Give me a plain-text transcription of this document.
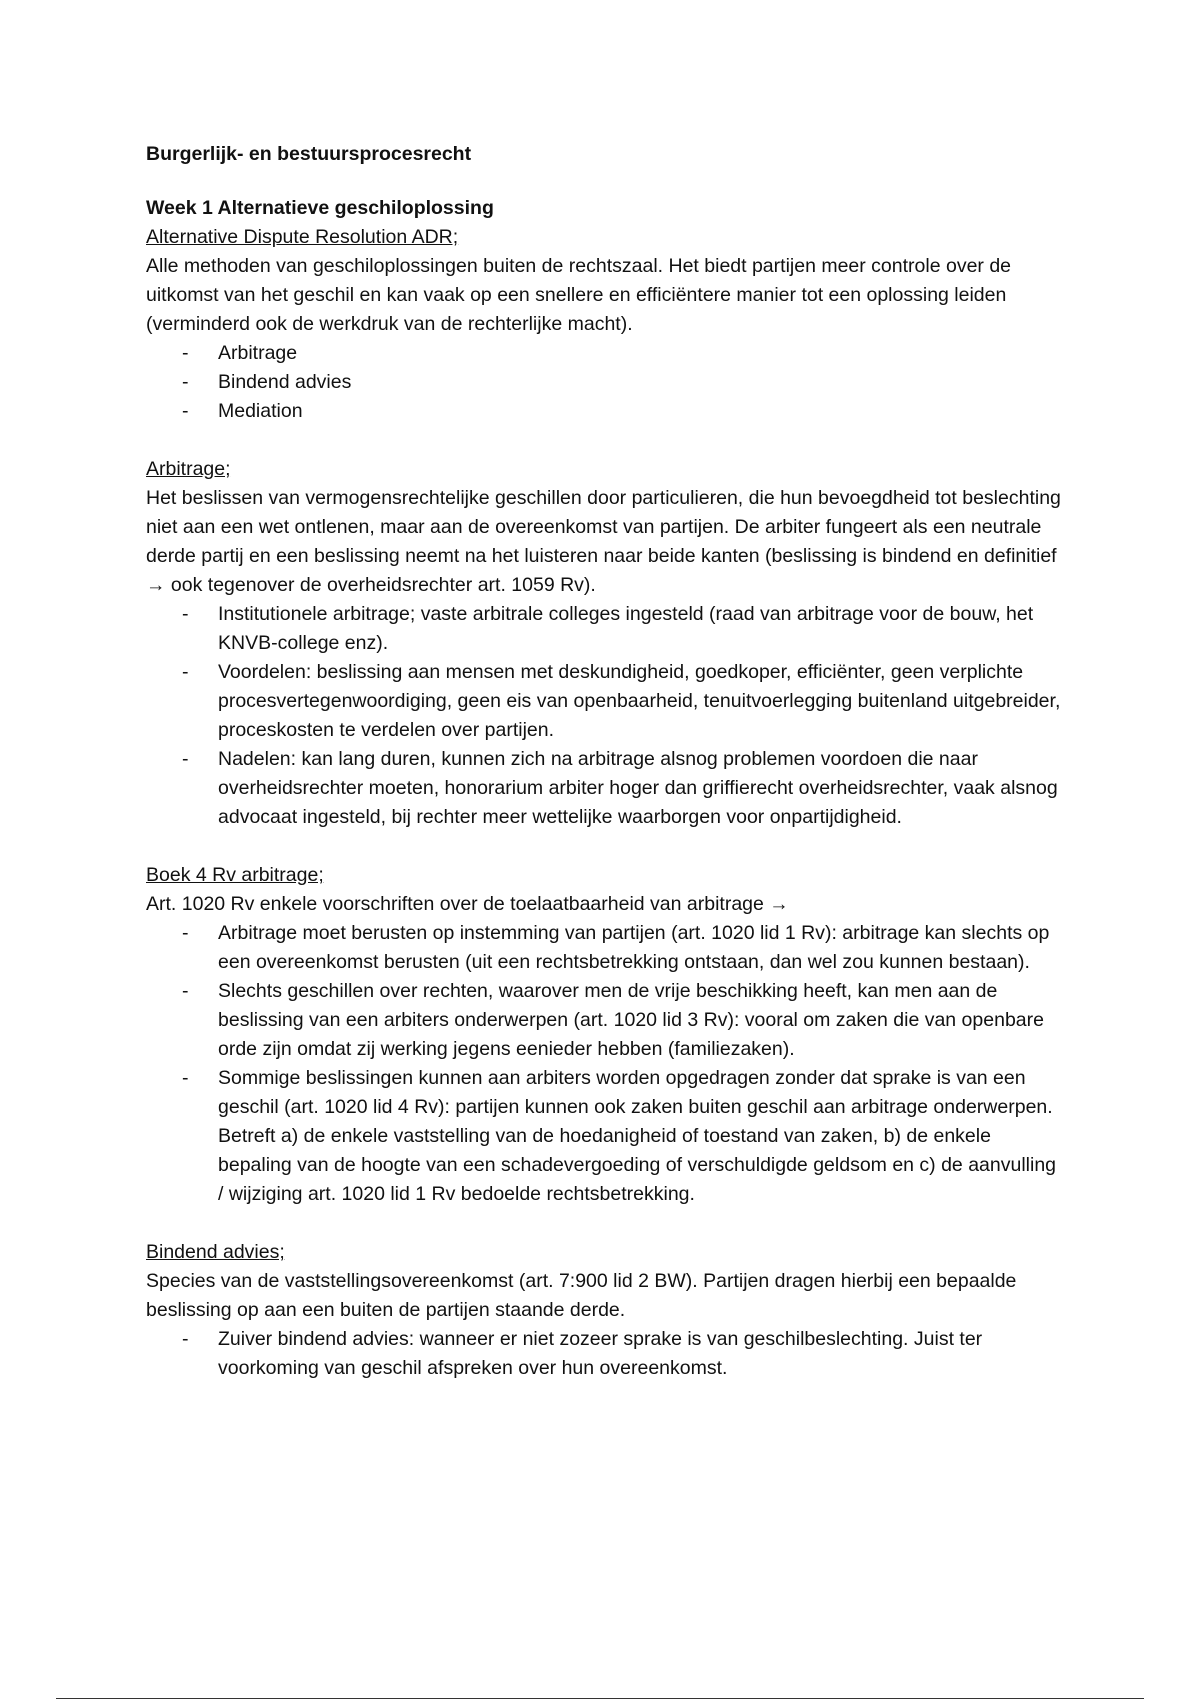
Burgerlijk- en bestuursprocesrecht

Week 1 Alternatieve geschiloplossing

Alternative Dispute Resolution ADR;

Alle methoden van geschiloplossingen buiten de rechtszaal. Het biedt partijen meer controle over de uitkomst van het geschil en kan vaak op een snellere en efficiëntere manier tot een oplossing leiden (verminderd ook de werkdruk van de rechterlijke macht).

- Arbitrage
- Bindend advies
- Mediation

Arbitrage;

Het beslissen van vermogensrechtelijke geschillen door particulieren, die hun bevoegdheid tot beslechting niet aan een wet ontlenen, maar aan de overeenkomst van partijen. De arbiter fungeert als een neutrale derde partij en een beslissing neemt na het luisteren naar beide kanten (beslissing is bindend en definitief → ook tegenover de overheidsrechter art. 1059 Rv).

- Institutionele arbitrage; vaste arbitrale colleges ingesteld (raad van arbitrage voor de bouw, het KNVB-college enz).
- Voordelen: beslissing aan mensen met deskundigheid, goedkoper, efficiënter, geen verplichte procesvertegenwoordiging, geen eis van openbaarheid, tenuitvoerlegging buitenland uitgebreider, proceskosten te verdelen over partijen.
- Nadelen: kan lang duren, kunnen zich na arbitrage alsnog problemen voordoen die naar overheidsrechter moeten, honorarium arbiter hoger dan griffierecht overheidsrechter, vaak alsnog advocaat ingesteld, bij rechter meer wettelijke waarborgen voor onpartijdigheid.

Boek 4 Rv arbitrage;

Art. 1020 Rv enkele voorschriften over de toelaatbaarheid van arbitrage →

- Arbitrage moet berusten op instemming van partijen (art. 1020 lid 1 Rv): arbitrage kan slechts op een overeenkomst berusten (uit een rechtsbetrekking ontstaan, dan wel zou kunnen bestaan).
- Slechts geschillen over rechten, waarover men de vrije beschikking heeft, kan men aan de beslissing van een arbiters onderwerpen (art. 1020 lid 3 Rv): vooral om zaken die van openbare orde zijn omdat zij werking jegens eenieder hebben (familiezaken).
- Sommige beslissingen kunnen aan arbiters worden opgedragen zonder dat sprake is van een geschil (art. 1020 lid 4 Rv): partijen kunnen ook zaken buiten geschil aan arbitrage onderwerpen. Betreft a) de enkele vaststelling van de hoedanigheid of toestand van zaken, b) de enkele bepaling van de hoogte van een schadevergoeding of verschuldigde geldsom en c) de aanvulling / wijziging art. 1020 lid 1 Rv bedoelde rechtsbetrekking.

Bindend advies;

Species van de vaststellingsovereenkomst (art. 7:900 lid 2 BW). Partijen dragen hierbij een bepaalde beslissing op aan een buiten de partijen staande derde.

- Zuiver bindend advies: wanneer er niet zozeer sprake is van geschilbeslechting. Juist ter voorkoming van geschil afspreken over hun overeenkomst.
